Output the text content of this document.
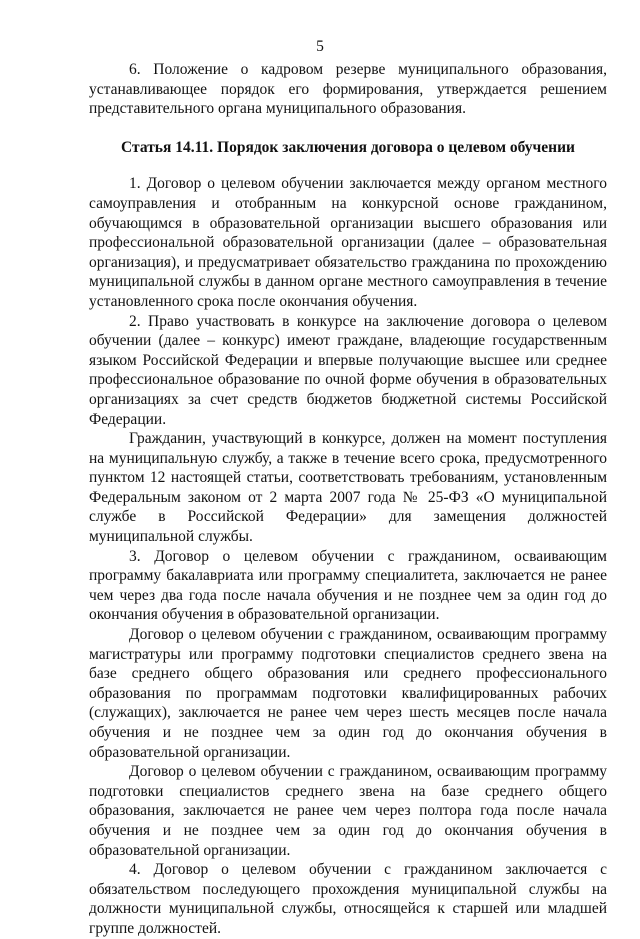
5

6. Положение о кадровом резерве муниципального образования, устанавливающее порядок его формирования, утверждается решением представительного органа муниципального образования.

Статья 14.11. Порядок заключения договора о целевом обучении

1. Договор о целевом обучении заключается между органом местного самоуправления и отобранным на конкурсной основе гражданином, обучающимся в образовательной организации высшего образования или профессиональной образовательной организации (далее – образовательная организация), и предусматривает обязательство гражданина по прохождению муниципальной службы в данном органе местного самоуправления в течение установленного срока после окончания обучения.

2. Право участвовать в конкурсе на заключение договора о целевом обучении (далее – конкурс) имеют граждане, владеющие государственным языком Российской Федерации и впервые получающие высшее или среднее профессиональное образование по очной форме обучения в образовательных организациях за счет средств бюджетов бюджетной системы Российской Федерации.

Гражданин, участвующий в конкурсе, должен на момент поступления на муниципальную службу, а также в течение всего срока, предусмотренного пунктом 12 настоящей статьи, соответствовать требованиям, установленным Федеральным законом от 2 марта 2007 года № 25-ФЗ «О муниципальной службе в Российской Федерации» для замещения должностей муниципальной службы.

3. Договор о целевом обучении с гражданином, осваивающим программу бакалавриата или программу специалитета, заключается не ранее чем через два года после начала обучения и не позднее чем за один год до окончания обучения в образовательной организации.

Договор о целевом обучении с гражданином, осваивающим программу магистратуры или программу подготовки специалистов среднего звена на базе среднего общего образования или среднего профессионального образования по программам подготовки квалифицированных рабочих (служащих), заключается не ранее чем через шесть месяцев после начала обучения и не позднее чем за один год до окончания обучения в образовательной организации.

Договор о целевом обучении с гражданином, осваивающим программу подготовки специалистов среднего звена на базе среднего общего образования, заключается не ранее чем через полтора года после начала обучения и не позднее чем за один год до окончания обучения в образовательной организации.

4. Договор о целевом обучении с гражданином заключается с обязательством последующего прохождения муниципальной службы на должности муниципальной службы, относящейся к старшей или младшей группе должностей.
